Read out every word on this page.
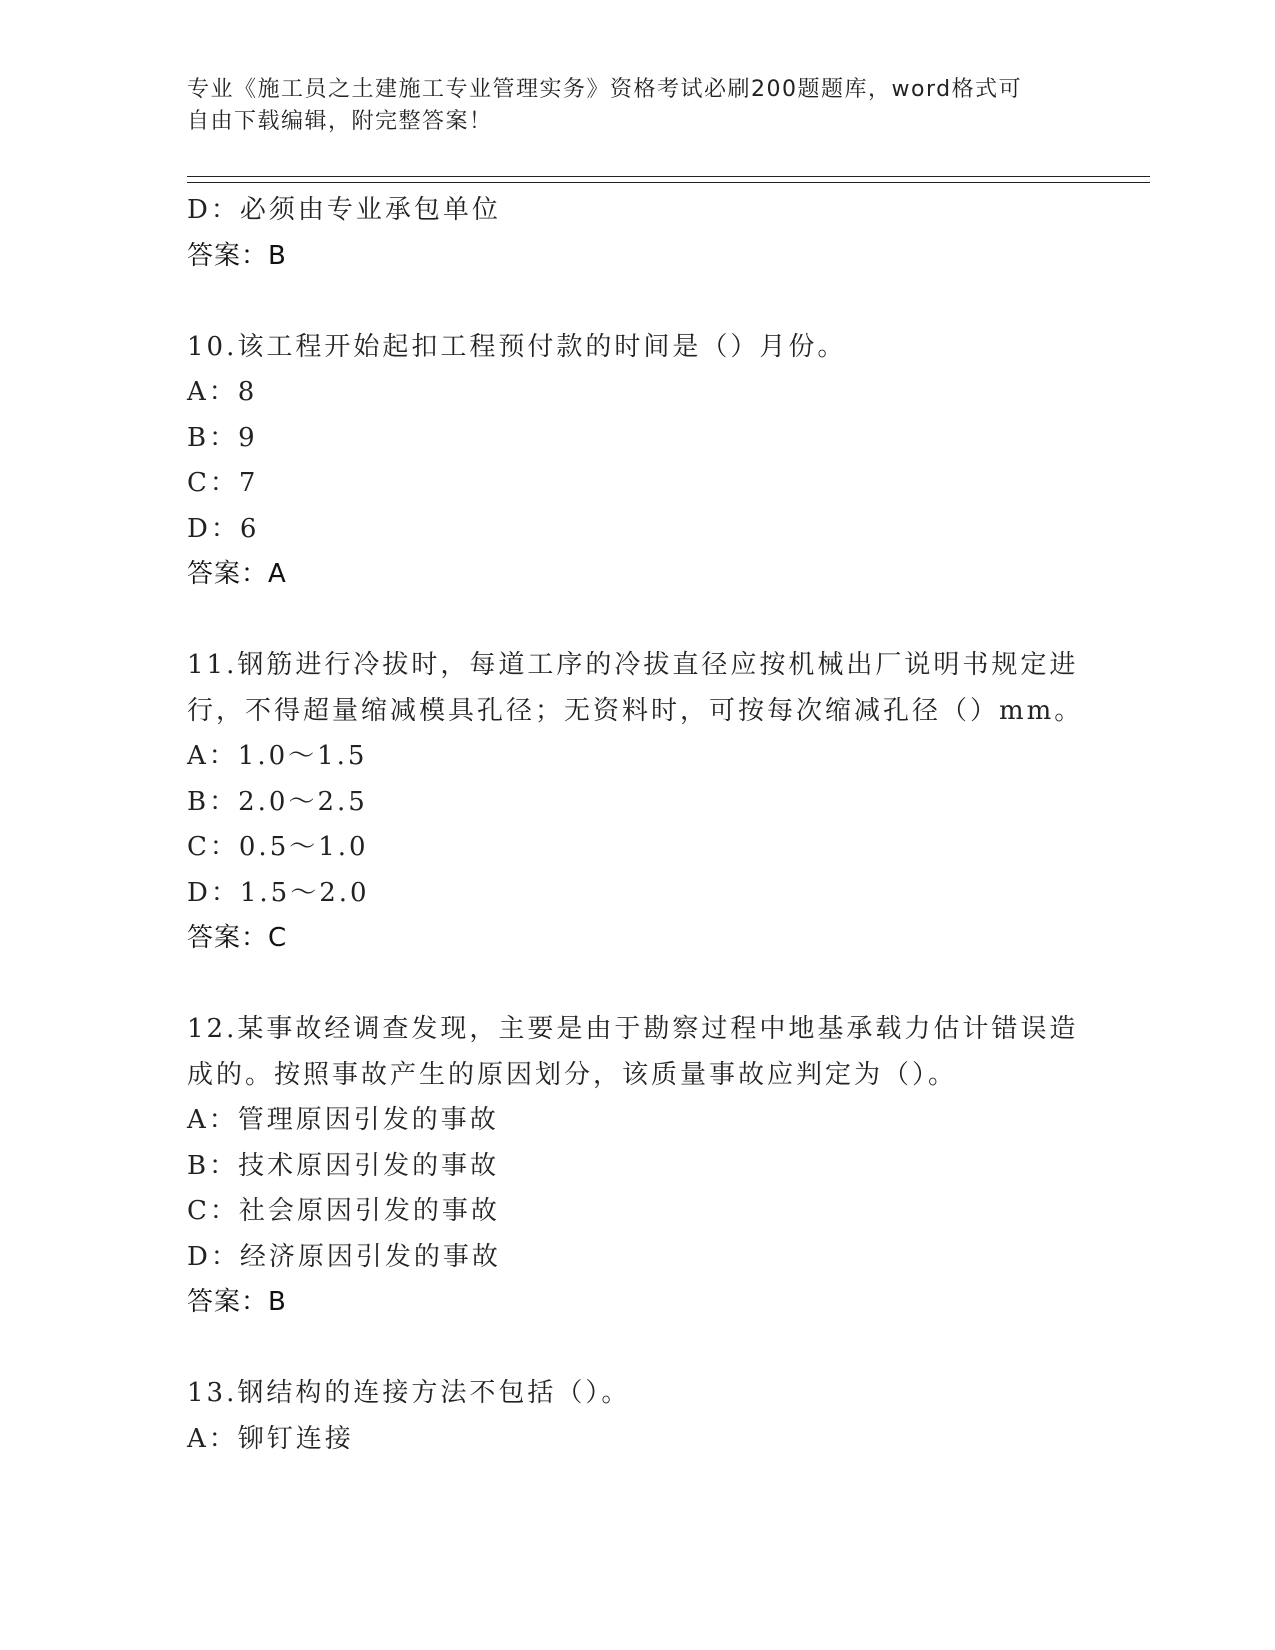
专业《施工员之土建施工专业管理实务》资格考试必刷200题题库，word格式可
自由下载编辑，附完整答案！
D：必须由专业承包单位
答案：B
10.该工程开始起扣工程预付款的时间是（）月份。
A：8
B：9
C：7
D：6
答案：A
11.钢筋进行冷拔时，每道工序的冷拔直径应按机械出厂说明书规定进
行，不得超量缩减模具孔径；无资料时，可按每次缩减孔径（）mm。
A：1.0～1.5
B：2.0～2.5
C：0.5～1.0
D：1.5～2.0
答案：C
12.某事故经调查发现，主要是由于勘察过程中地基承载力估计错误造
成的。按照事故产生的原因划分，该质量事故应判定为（）。
A：管理原因引发的事故
B：技术原因引发的事故
C：社会原因引发的事故
D：经济原因引发的事故
答案：B
13.钢结构的连接方法不包括（）。
A：铆钉连接
